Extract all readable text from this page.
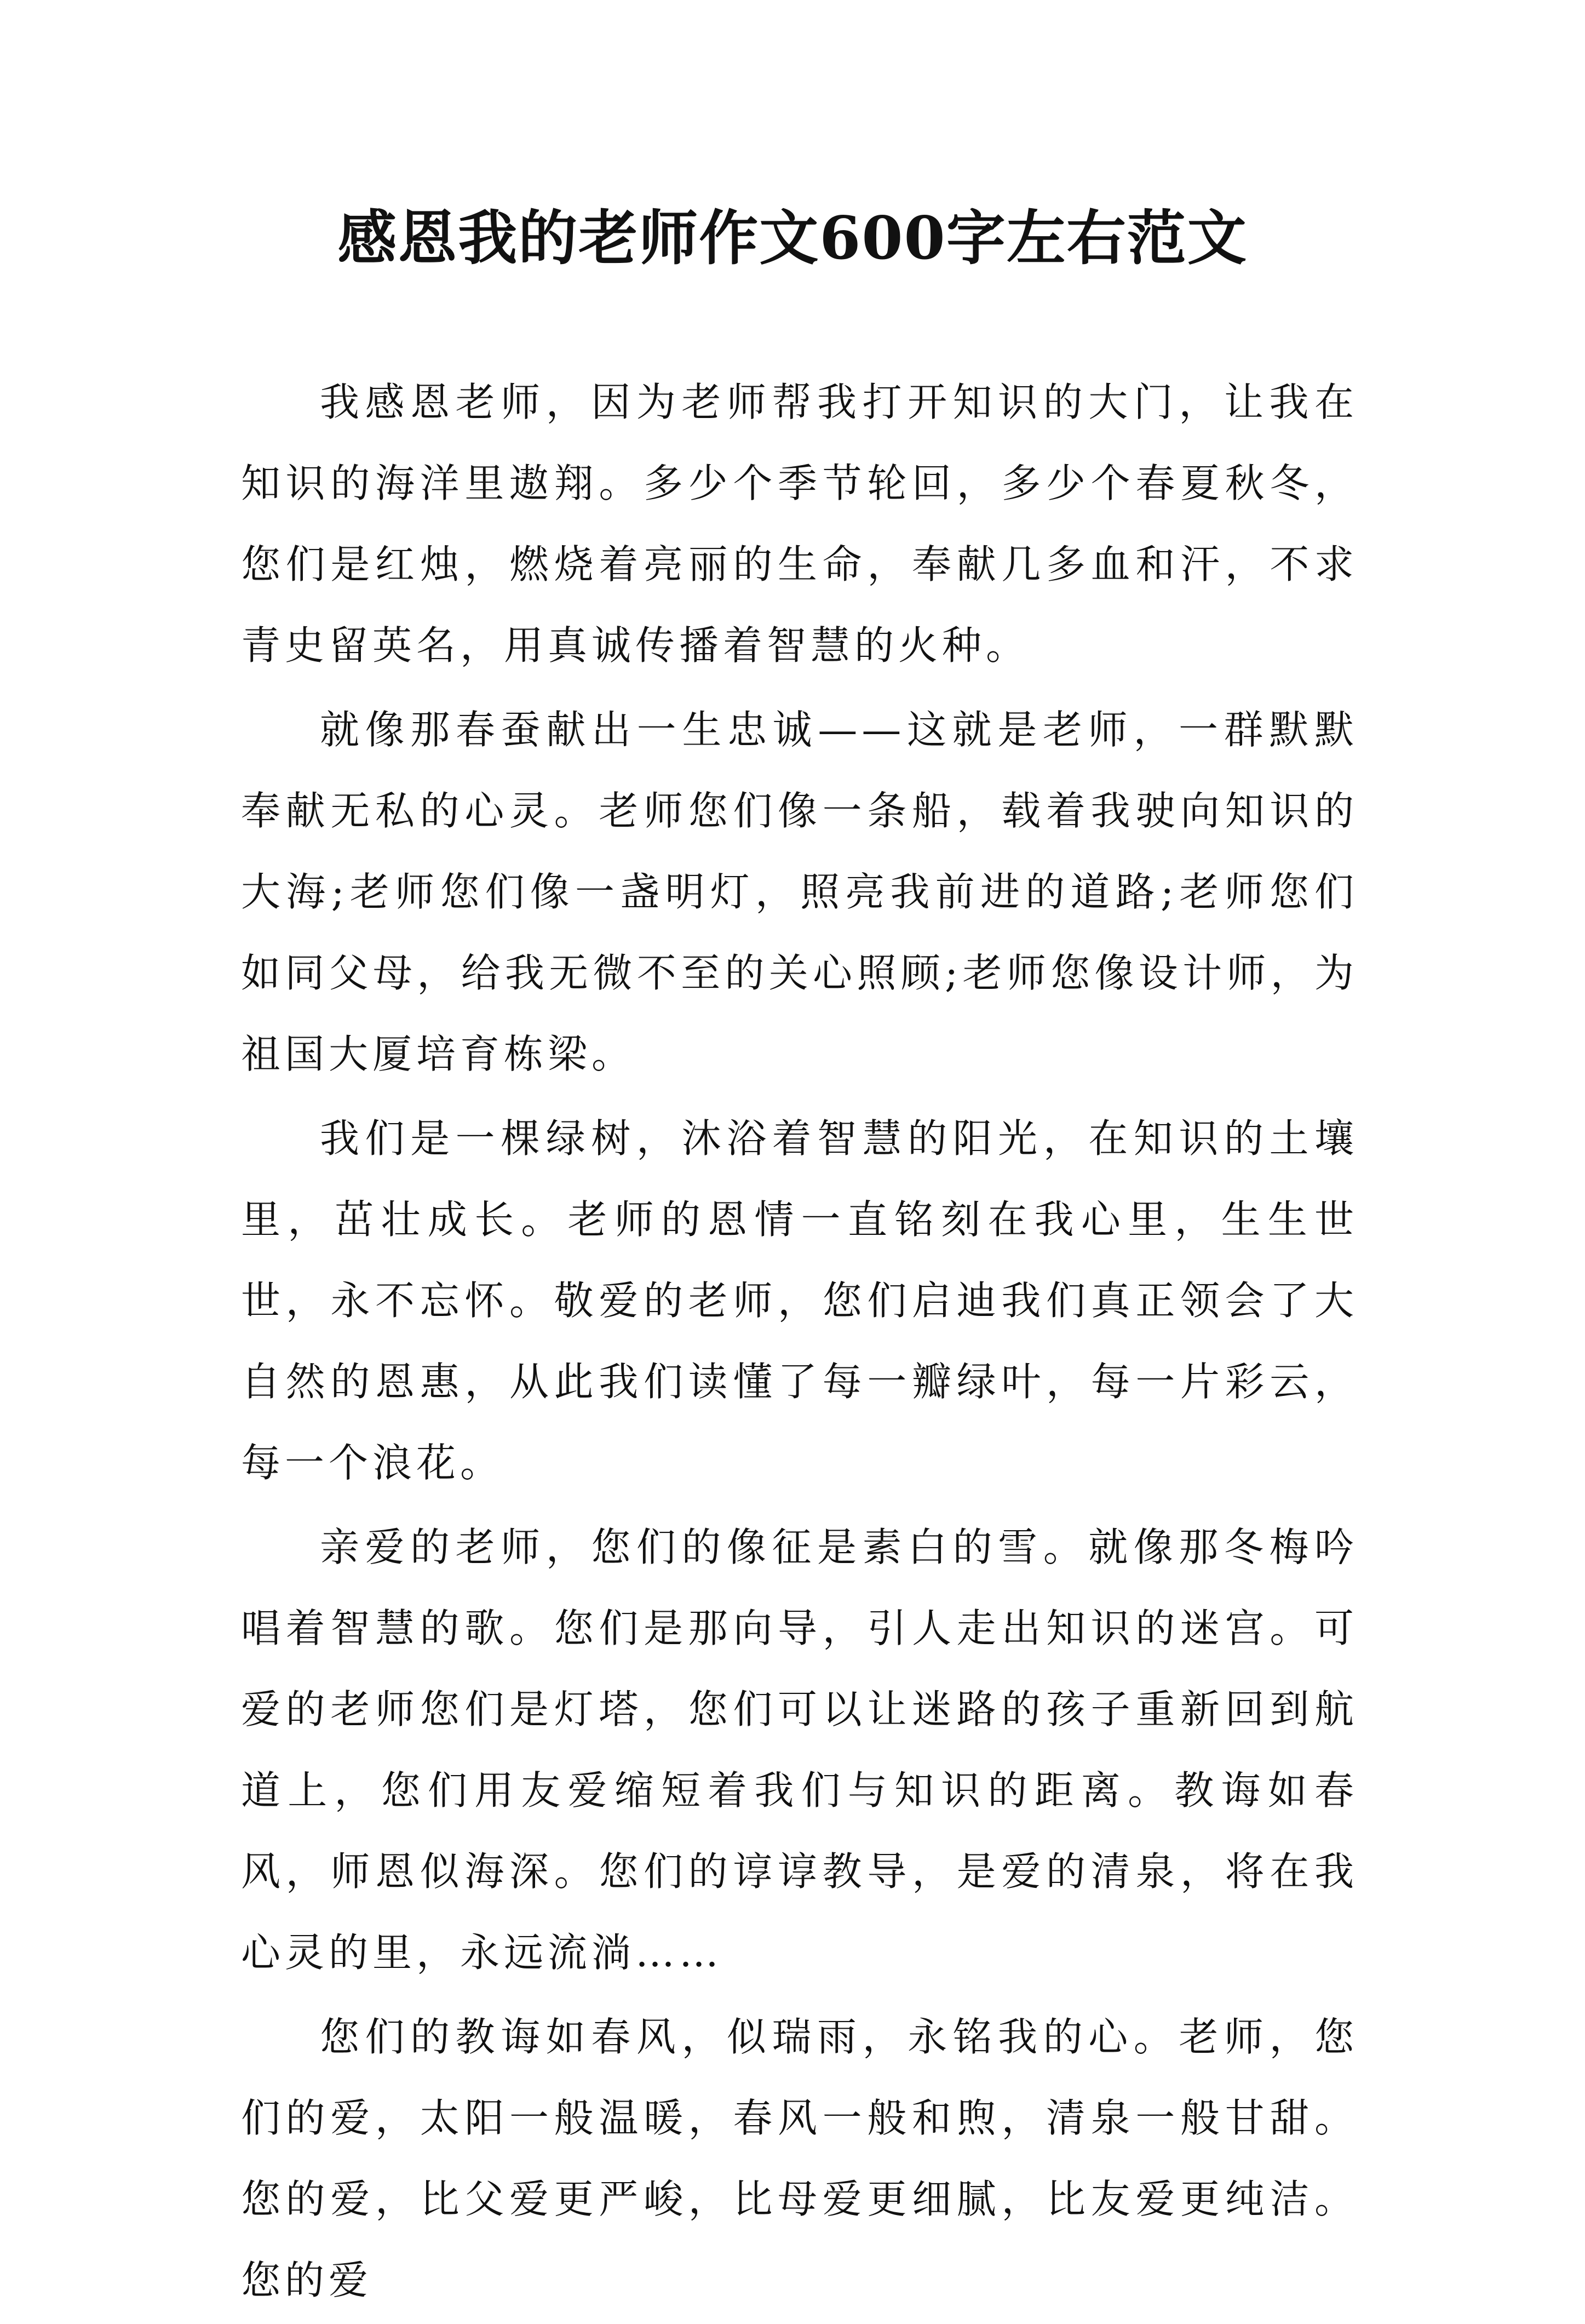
感恩我的老师作文600字左右范文

我感恩老师，因为老师帮我打开知识的大门，让我在知识的海洋里遨翔。多少个季节轮回，多少个春夏秋冬，您们是红烛，燃烧着亮丽的生命，奉献几多血和汗，不求青史留英名，用真诚传播着智慧的火种。

就像那春蚕献出一生忠诚——这就是老师，一群默默奉献无私的心灵。老师您们像一条船，载着我驶向知识的大海;老师您们像一盏明灯，照亮我前进的道路;老师您们如同父母，给我无微不至的关心照顾;老师您像设计师，为祖国大厦培育栋梁。

我们是一棵绿树，沐浴着智慧的阳光，在知识的土壤里，茁壮成长。老师的恩情一直铭刻在我心里，生生世世，永不忘怀。敬爱的老师，您们启迪我们真正领会了大自然的恩惠，从此我们读懂了每一瓣绿叶，每一片彩云，每一个浪花。

亲爱的老师，您们的像征是素白的雪。就像那冬梅吟唱着智慧的歌。您们是那向导，引人走出知识的迷宫。可爱的老师您们是灯塔，您们可以让迷路的孩子重新回到航道上，您们用友爱缩短着我们与知识的距离。教诲如春风，师恩似海深。您们的谆谆教导，是爱的清泉，将在我心灵的里，永远流淌……

您们的教诲如春风，似瑞雨，永铭我的心。老师，您们的爱，太阳一般温暖，春风一般和煦，清泉一般甘甜。您的爱，比父爱更严峻，比母爱更细腻，比友爱更纯洁。您的爱
